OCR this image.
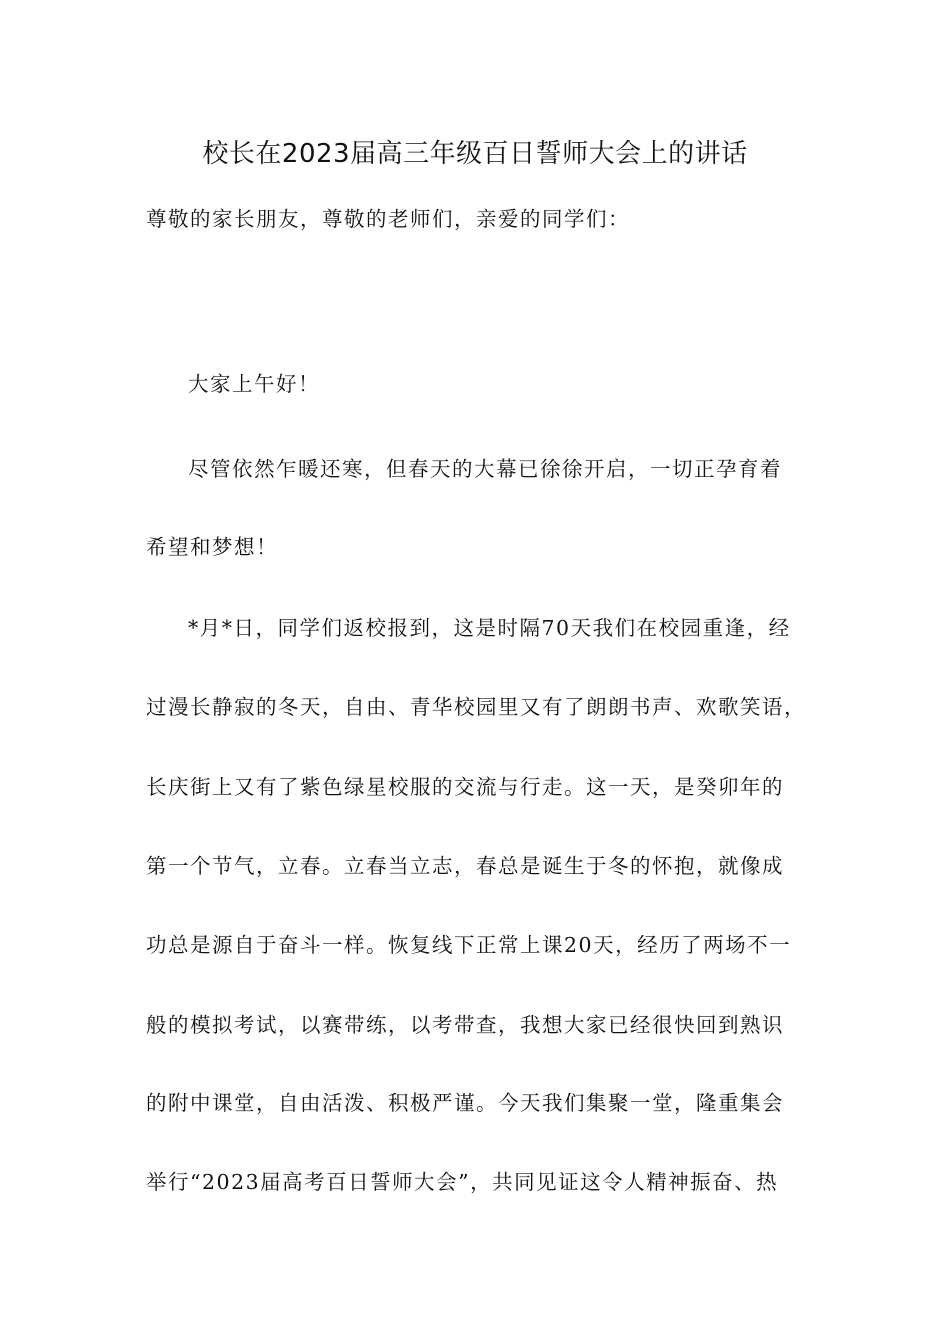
校长在2023届高三年级百日誓师大会上的讲话

尊敬的家长朋友，尊敬的老师们，亲爱的同学们：

大家上午好！

尽管依然乍暖还寒，但春天的大幕已徐徐开启，一切正孕育着

希望和梦想！

*月*日，同学们返校报到，这是时隔70天我们在校园重逢，经

过漫长静寂的冬天，自由、青华校园里又有了朗朗书声、欢歌笑语，

长庆街上又有了紫色绿星校服的交流与行走。这一天，是癸卯年的

第一个节气，立春。立春当立志，春总是诞生于冬的怀抱，就像成

功总是源自于奋斗一样。恢复线下正常上课20天，经历了两场不一

般的模拟考试，以赛带练，以考带查，我想大家已经很快回到熟识

的附中课堂，自由活泼、积极严谨。今天我们集聚一堂，隆重集会

举行“2023届高考百日誓师大会”，共同见证这令人精神振奋、热
